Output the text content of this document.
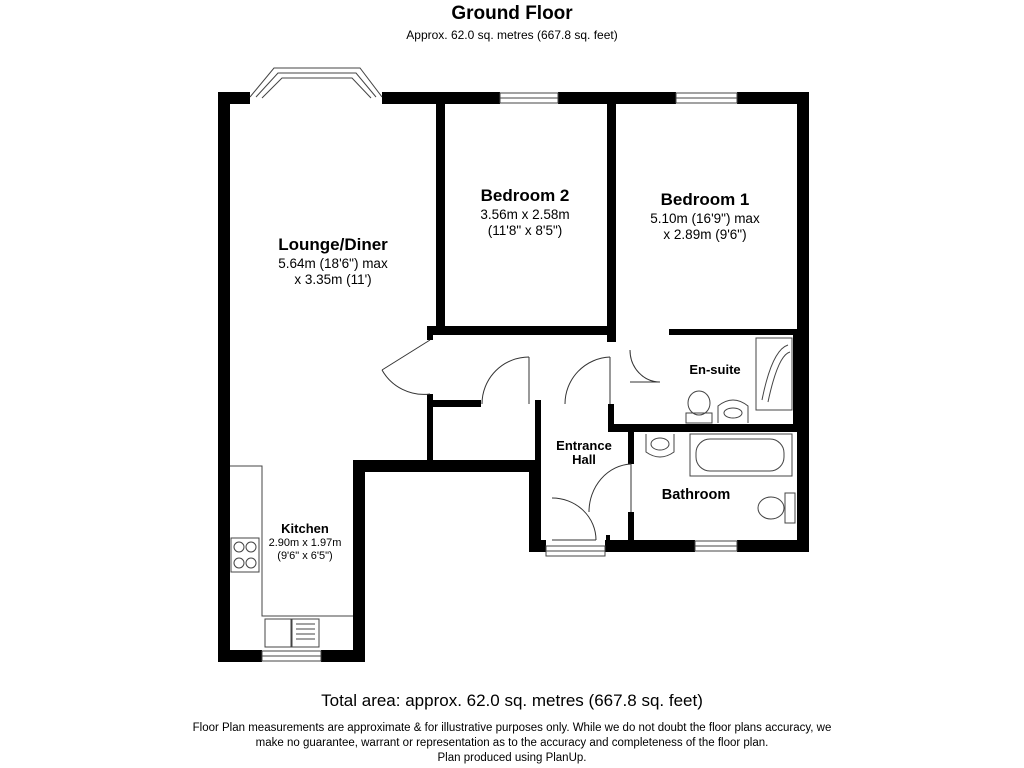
Ground Floor
Approx. 62.0 sq. metres (667.8 sq. feet)
Lounge/Diner
5.64m (18'6") max
x 3.35m (11')
Bedroom 2
3.56m x 2.58m
(11'8" x 8'5")
Bedroom 1
5.10m (16'9") max
x 2.89m (9'6")
En-suite
Entrance
Hall
Bathroom
Kitchen
2.90m x 1.97m
(9'6" x 6'5")
Total area: approx. 62.0 sq. metres (667.8 sq. feet)
Floor Plan measurements are approximate & for illustrative purposes only. While we do not doubt the floor plans accuracy, we
make no guarantee, warrant or representation as to the accuracy and completeness of the floor plan.
Plan produced using PlanUp.
